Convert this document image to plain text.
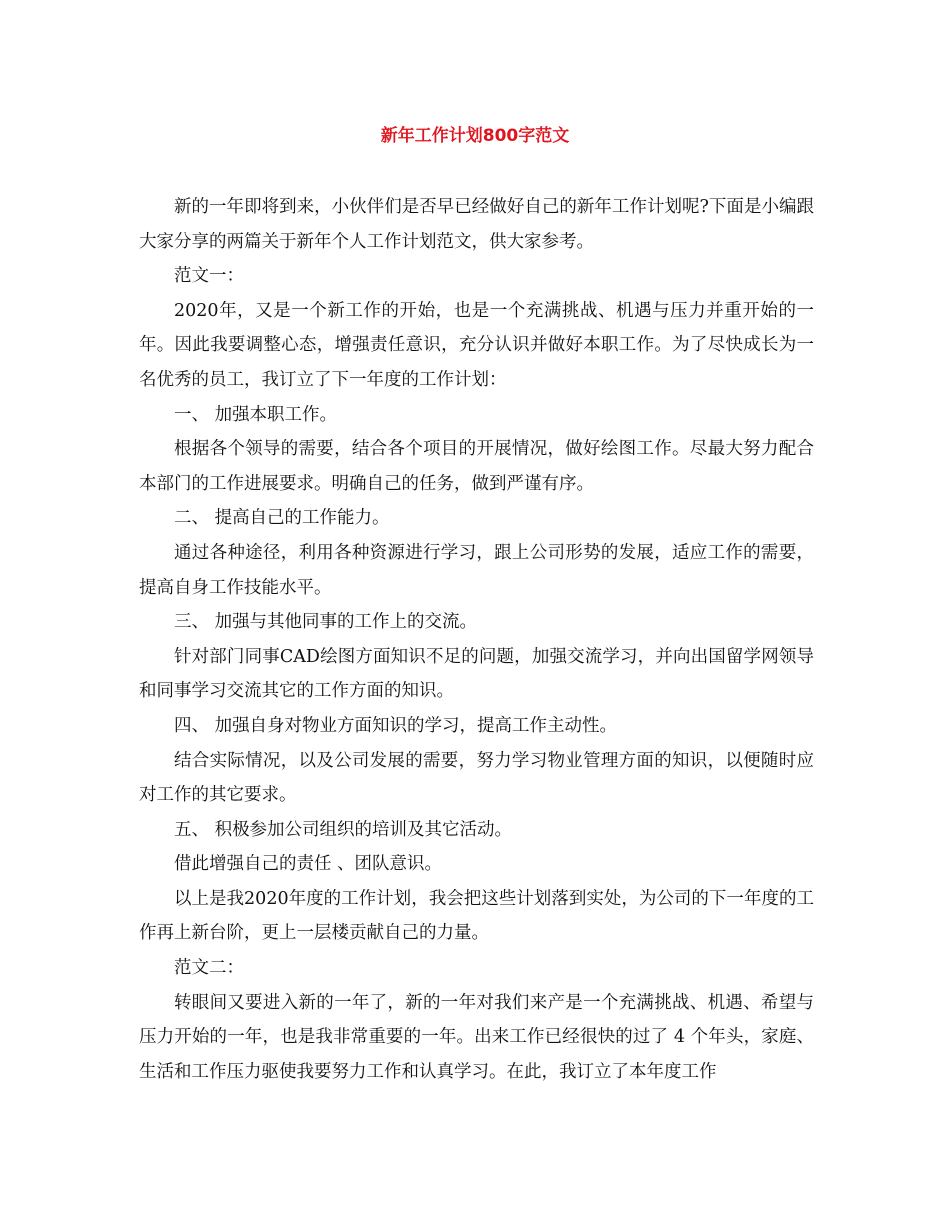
新年工作计划800字范文

新的一年即将到来，小伙伴们是否早已经做好自己的新年工作计划呢?下面是小编跟大家分享的两篇关于新年个人工作计划范文，供大家参考。

范文一：

2020年，又是一个新工作的开始，也是一个充满挑战、机遇与压力并重开始的一年。因此我要调整心态，增强责任意识，充分认识并做好本职工作。为了尽快成长为一名优秀的员工，我订立了下一年度的工作计划：

一、 加强本职工作。

根据各个领导的需要，结合各个项目的开展情况，做好绘图工作。尽最大努力配合本部门的工作进展要求。明确自己的任务，做到严谨有序。

二、 提高自己的工作能力。

通过各种途径，利用各种资源进行学习，跟上公司形势的发展，适应工作的需要，提高自身工作技能水平。

三、 加强与其他同事的工作上的交流。

针对部门同事CAD绘图方面知识不足的问题，加强交流学习，并向出国留学网领导和同事学习交流其它的工作方面的知识。

四、 加强自身对物业方面知识的学习，提高工作主动性。

结合实际情况，以及公司发展的需要，努力学习物业管理方面的知识，以便随时应对工作的其它要求。

五、 积极参加公司组织的培训及其它活动。

借此增强自己的责任 、团队意识。

以上是我2020年度的工作计划，我会把这些计划落到实处，为公司的下一年度的工作再上新台阶，更上一层楼贡献自己的力量。

范文二：

转眼间又要进入新的一年了，新的一年对我们来产是一个充满挑战、机遇、希望与压力开始的一年，也是我非常重要的一年。出来工作已经很快的过了 4 个年头，家庭、生活和工作压力驱使我要努力工作和认真学习。在此，我订立了本年度工作
